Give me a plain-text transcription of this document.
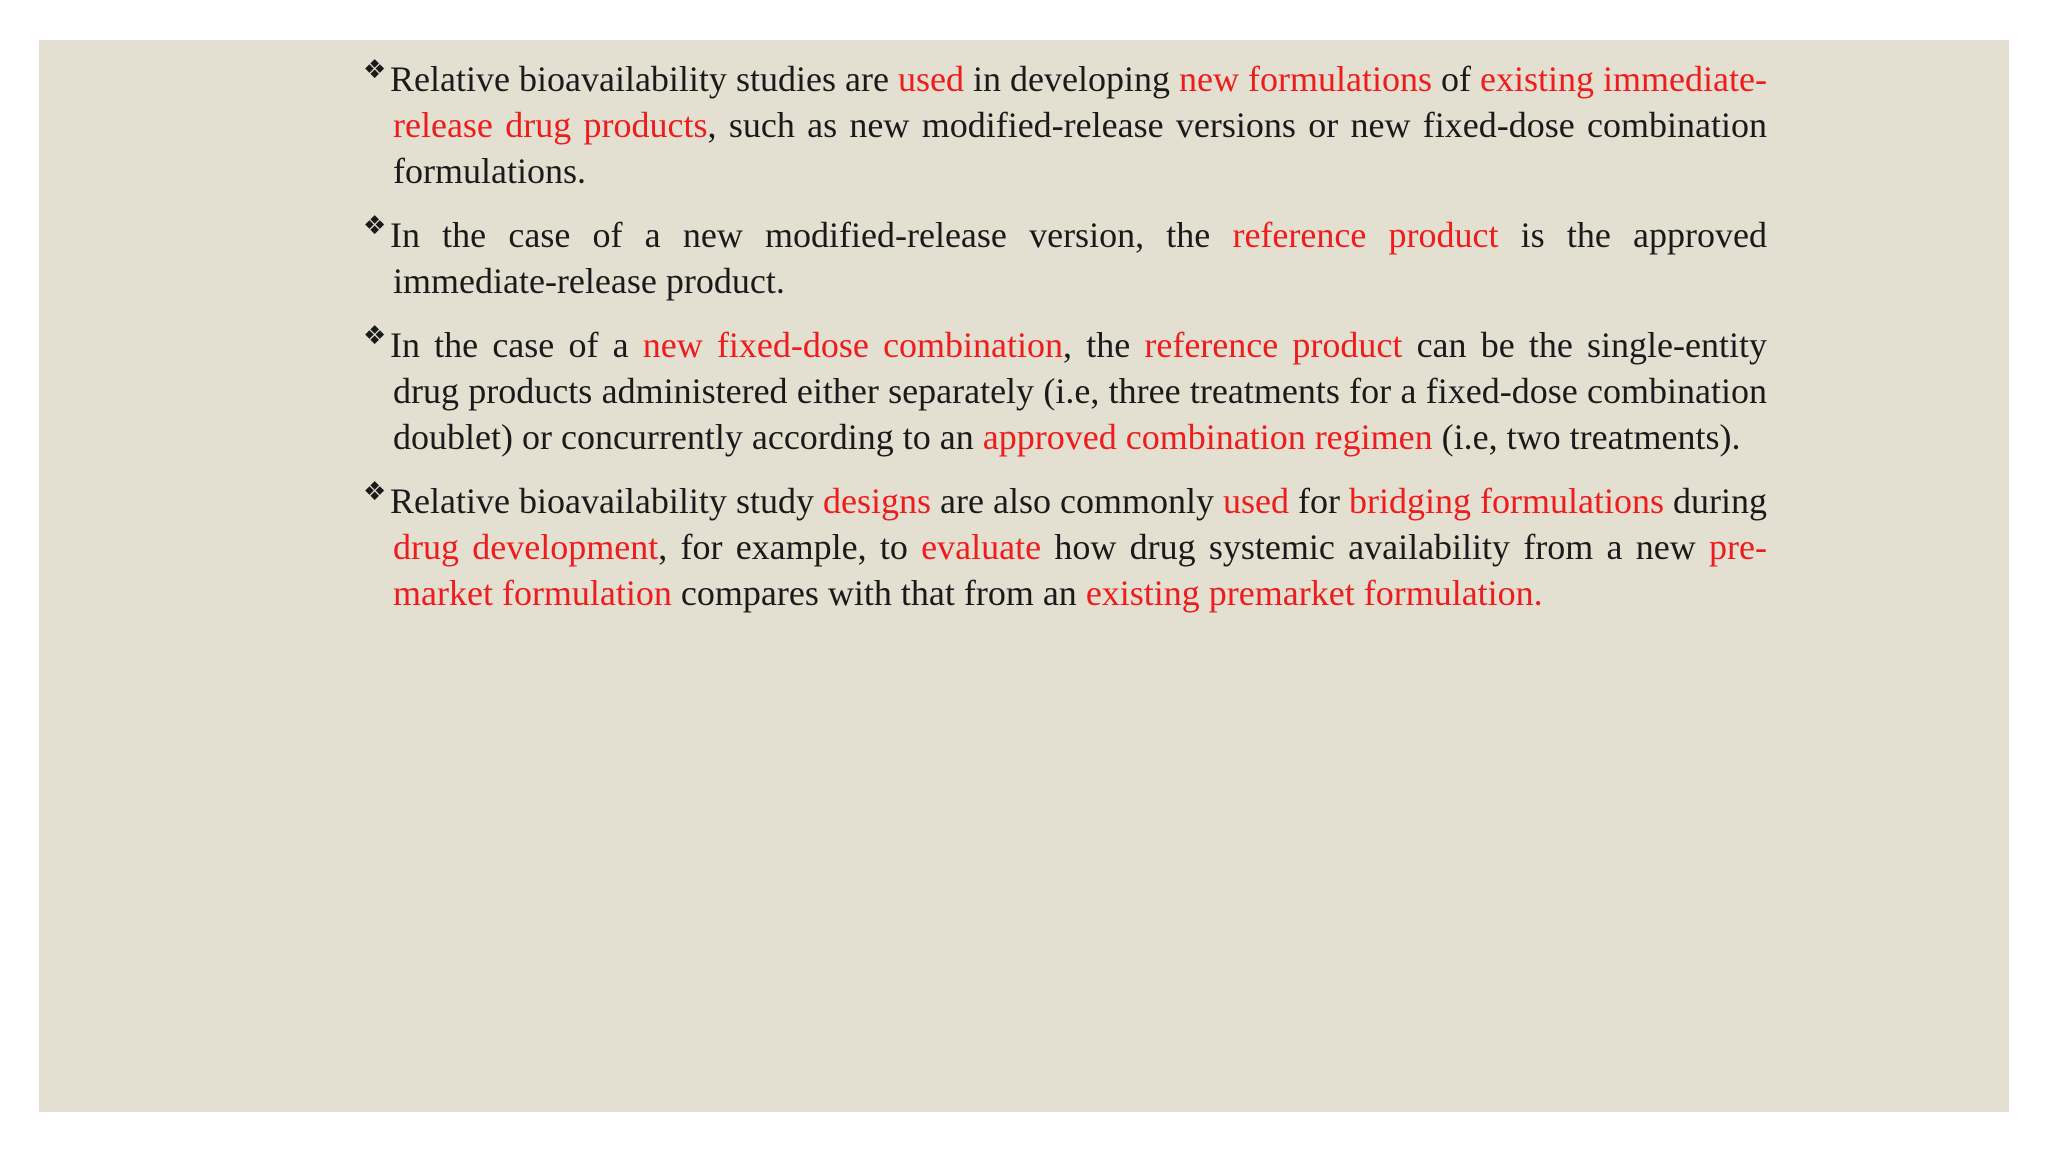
❖ Relative bioavailability studies are used in developing new formulations of existing immediate-release drug products, such as new modified-release versions or new fixed-dose combination formulations.
❖ In the case of a new modified-release version, the reference product is the approved immediate-release product.
❖ In the case of a new fixed-dose combination, the reference product can be the single-entity drug products administered either separately (i.e, three treatments for a fixed-dose combination doublet) or concurrently according to an approved combination regimen (i.e, two treatments).
❖ Relative bioavailability study designs are also commonly used for bridging formulations during drug development, for example, to evaluate how drug systemic availability from a new pre-market formulation compares with that from an existing premarket formulation.
